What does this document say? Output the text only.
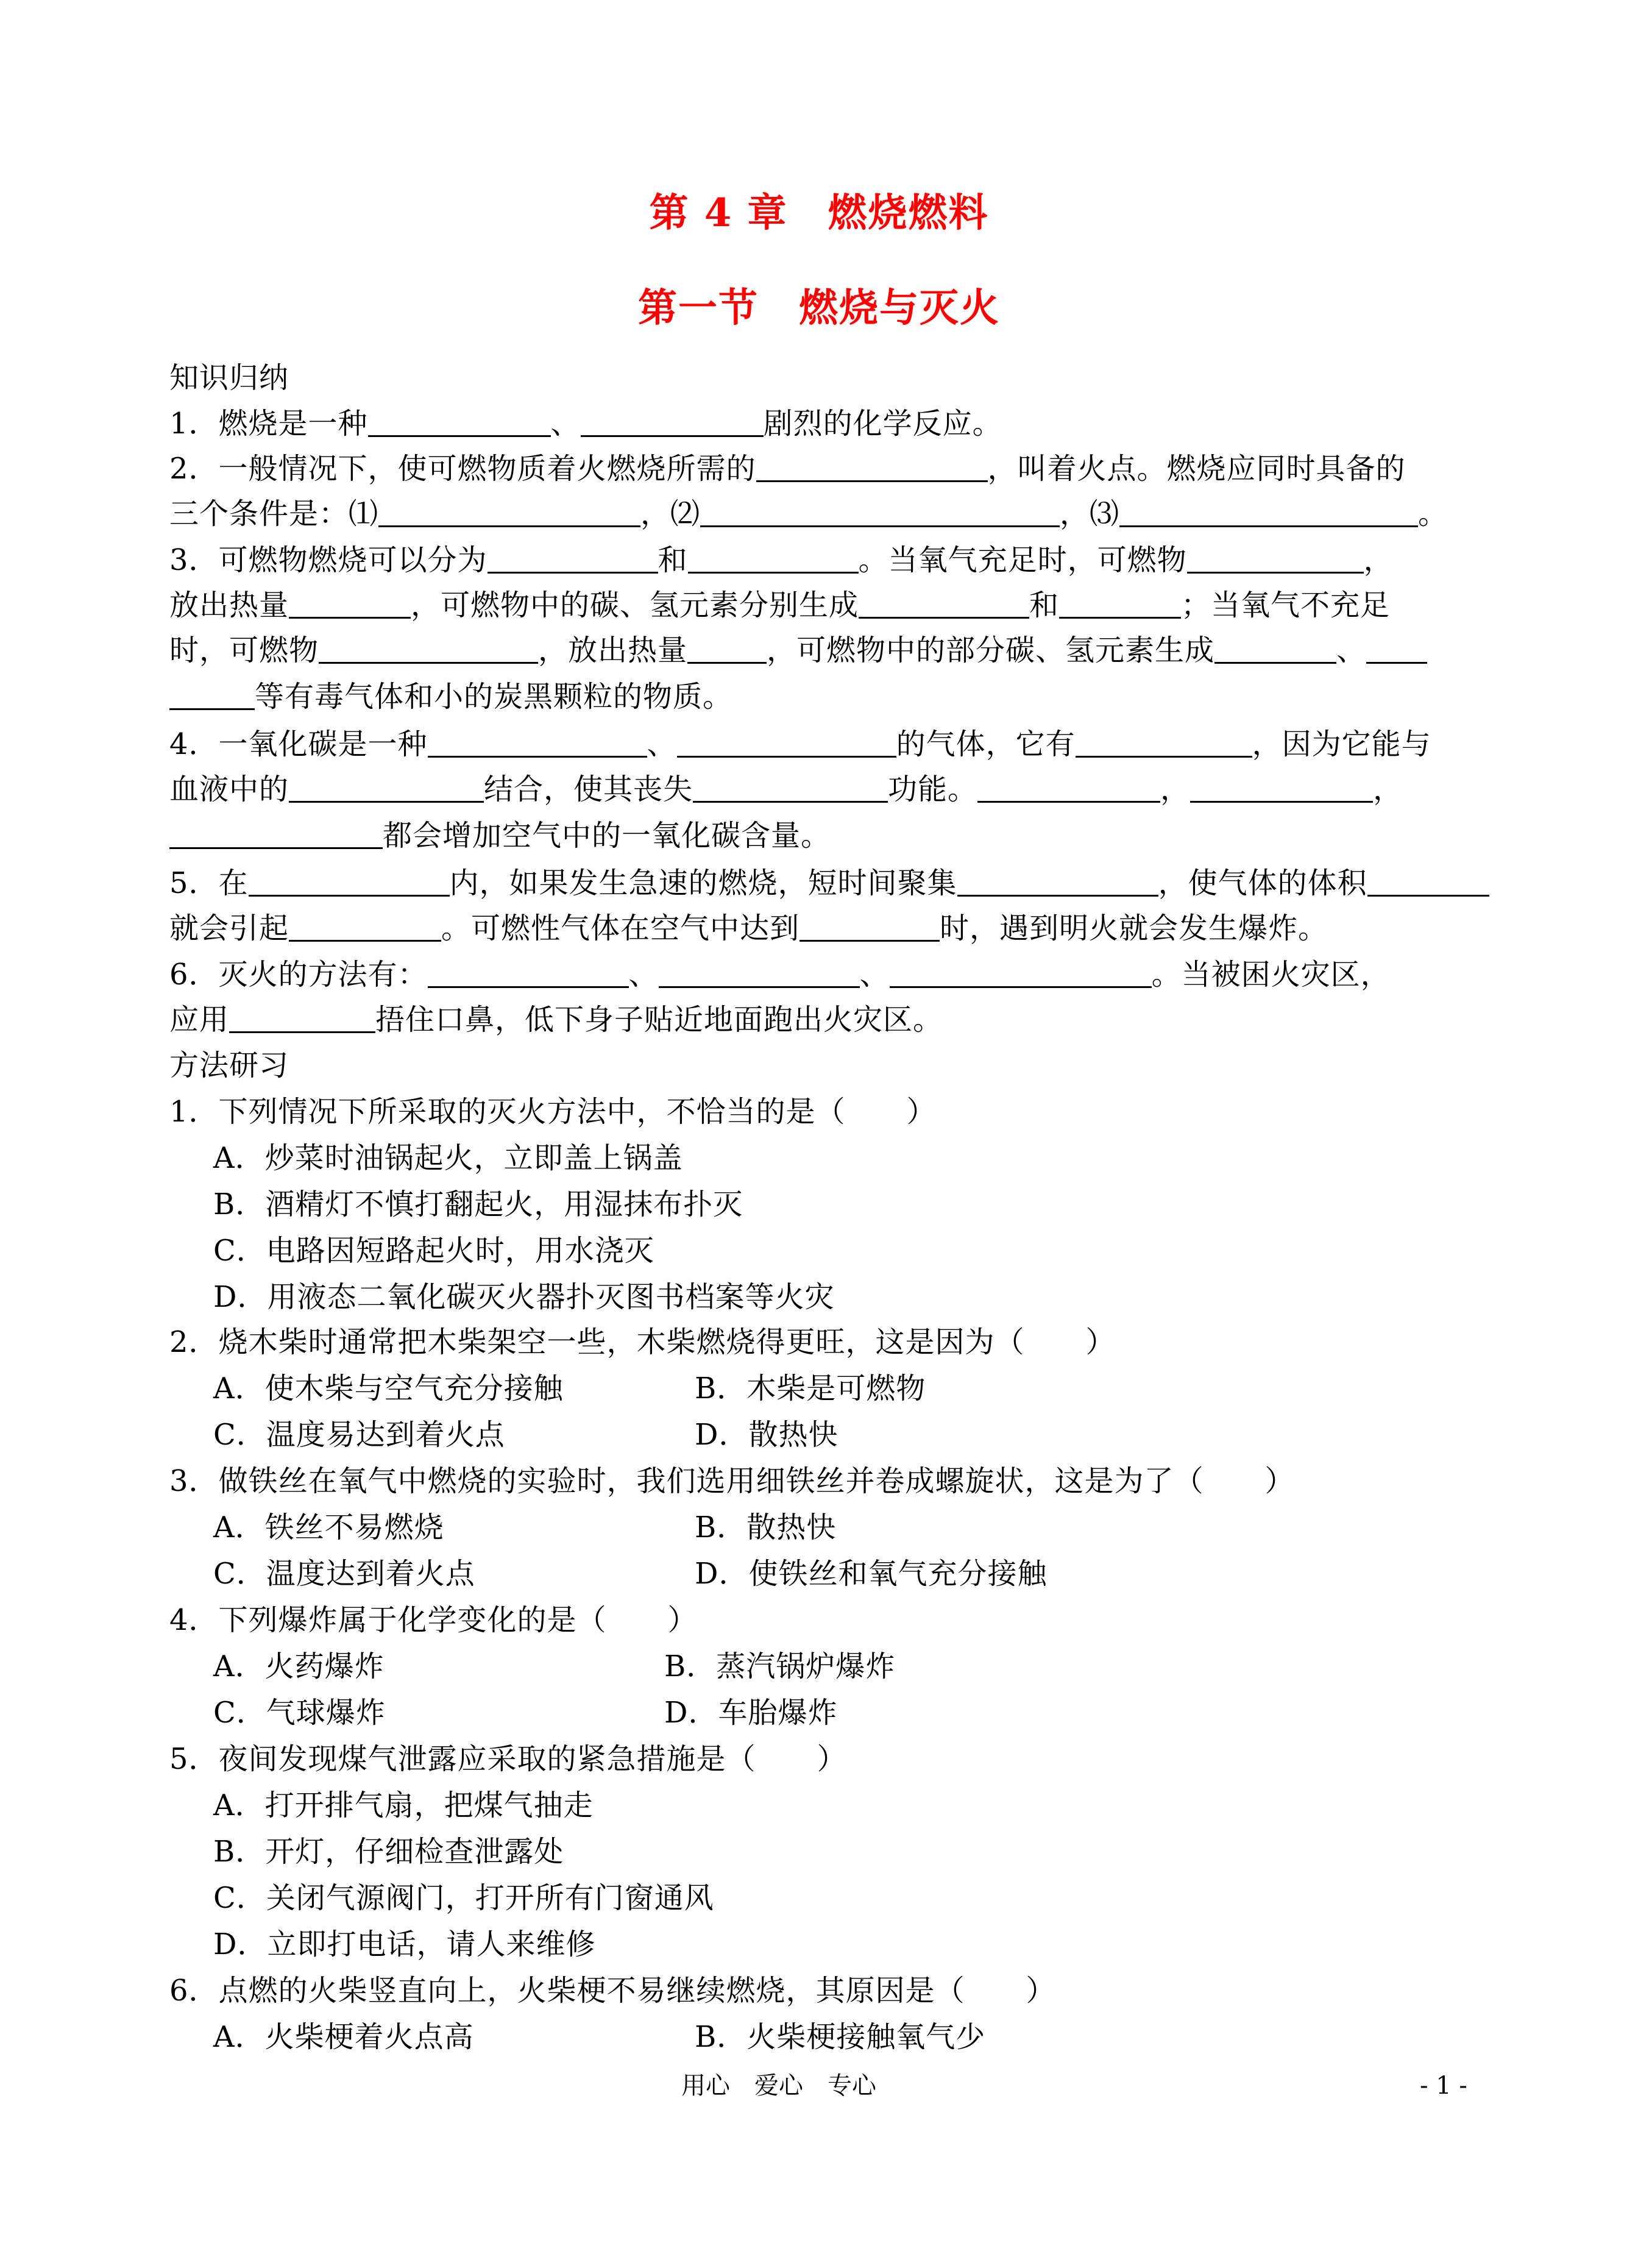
第 4 章　燃烧燃料
第一节　燃烧与灭火
知识归纳
1．燃烧是一种	、	剧烈的化学反应。
2．一般情况下，使可燃物质着火燃烧所需的	，叫着火点。燃烧应同时具备的
三个条件是：⑴	，⑵	，⑶	。
3．可燃物燃烧可以分为	和	。当氧气充足时，可燃物	，
放出热量	，可燃物中的碳、氢元素分别生成	和	；当氧气不充足
时，可燃物	，放出热量	，可燃物中的部分碳、氢元素生成	、
等有毒气体和小的炭黑颗粒的物质。
4．一氧化碳是一种	、	的气体，它有	，因为它能与
血液中的	结合，使其丧失	功能。	，	，
都会增加空气中的一氧化碳含量。
5．在	内，如果发生急速的燃烧，短时间聚集	，使气体的体积
就会引起	。可燃性气体在空气中达到	时，遇到明火就会发生爆炸。
6．灭火的方法有：	、	、	。当被困火灾区，
应用	捂住口鼻，低下身子贴近地面跑出火灾区。
方法研习
1．下列情况下所采取的灭火方法中，不恰当的是（ ）
A．炒菜时油锅起火，立即盖上锅盖
B．酒精灯不慎打翻起火，用湿抹布扑灭
C．电路因短路起火时，用水浇灭
D．用液态二氧化碳灭火器扑灭图书档案等火灾
2．烧木柴时通常把木柴架空一些，木柴燃烧得更旺，这是因为（ ）
A．使木柴与空气充分接触	B．木柴是可燃物
C．温度易达到着火点	D．散热快
3．做铁丝在氧气中燃烧的实验时，我们选用细铁丝并卷成螺旋状，这是为了（ ）
A．铁丝不易燃烧	B．散热快
C．温度达到着火点	D．使铁丝和氧气充分接触
4．下列爆炸属于化学变化的是（ ）
A．火药爆炸	B．蒸汽锅炉爆炸
C．气球爆炸	D．车胎爆炸
5．夜间发现煤气泄露应采取的紧急措施是（ ）
A．打开排气扇，把煤气抽走
B．开灯，仔细检查泄露处
C．关闭气源阀门，打开所有门窗通风
D．立即打电话，请人来维修
6．点燃的火柴竖直向上，火柴梗不易继续燃烧，其原因是（ ）
A．火柴梗着火点高	B．火柴梗接触氧气少
用心　爱心　专心	- 1 -
